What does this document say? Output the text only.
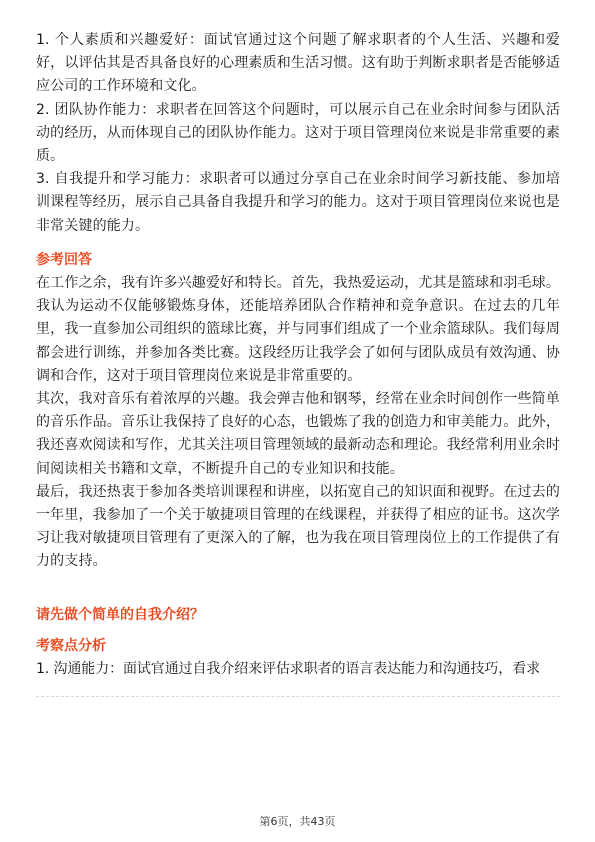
1. 个人素质和兴趣爱好：面试官通过这个问题了解求职者的个人生活、兴趣和爱好，以评估其是否具备良好的心理素质和生活习惯。这有助于判断求职者是否能够适应公司的工作环境和文化。

2. 团队协作能力：求职者在回答这个问题时，可以展示自己在业余时间参与团队活动的经历，从而体现自己的团队协作能力。这对于项目管理岗位来说是非常重要的素质。

3. 自我提升和学习能力：求职者可以通过分享自己在业余时间学习新技能、参加培训课程等经历，展示自己具备自我提升和学习的能力。这对于项目管理岗位来说也是非常关键的能力。

参考回答

在工作之余，我有许多兴趣爱好和特长。首先，我热爱运动，尤其是篮球和羽毛球。我认为运动不仅能够锻炼身体，还能培养团队合作精神和竞争意识。在过去的几年里，我一直参加公司组织的篮球比赛，并与同事们组成了一个业余篮球队。我们每周都会进行训练，并参加各类比赛。这段经历让我学会了如何与团队成员有效沟通、协调和合作，这对于项目管理岗位来说是非常重要的。

其次，我对音乐有着浓厚的兴趣。我会弹吉他和钢琴，经常在业余时间创作一些简单的音乐作品。音乐让我保持了良好的心态，也锻炼了我的创造力和审美能力。此外，我还喜欢阅读和写作，尤其关注项目管理领域的最新动态和理论。我经常利用业余时间阅读相关书籍和文章，不断提升自己的专业知识和技能。

最后，我还热衷于参加各类培训课程和讲座，以拓宽自己的知识面和视野。在过去的一年里，我参加了一个关于敏捷项目管理的在线课程，并获得了相应的证书。这次学习让我对敏捷项目管理有了更深入的了解，也为我在项目管理岗位上的工作提供了有力的支持。

请先做个简单的自我介绍？
考察点分析

1. 沟通能力：面试官通过自我介绍来评估求职者的语言表达能力和沟通技巧，看求

第6页，共43页
